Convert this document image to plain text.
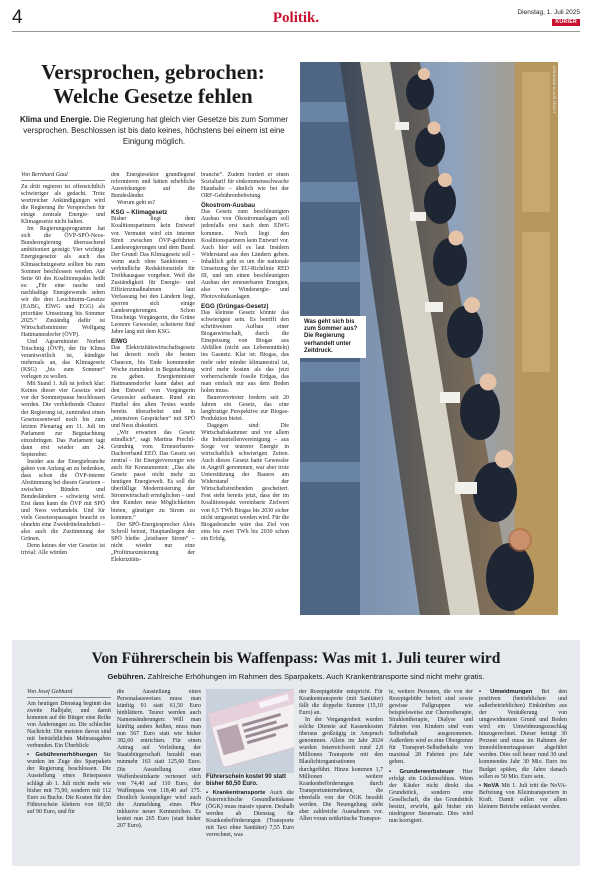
4	Politik.	Dienstag, 1. Juli 2025
KURIER
Versprochen, gebrochen:
Welche Gesetze fehlen
Klima und Energie. Die Regierung hat gleich vier Gesetze bis zum Sommer versprochen. Beschlossen ist bis dato keines, höchstens bei einem ist eine Einigung möglich.
Von Bernhard Gaul

Zu dritt regieren ist offensichtlich schwieriger als gedacht. Trotz wortreicher Ankündigungen wird die Regierung ihr Versprechen für einige zentrale Energie- und Klimagesetze nicht halten.

Im Regierungsprogramm hat sich die ÖVP-SPÖ-Neos-Bundesregierung überraschend ambitioniert gezeigt: Vier wichtige Energiegesetze als auch das Klimaschutzgesetz sollten bis zum Sommer beschlossen werden. Auf Seite 60 des Koalitionspakts heißt es: „Für eine rasche und nachhaltige Energiewende sehen wir die drei Leuchtturm-Gesetze (EABG, ElWG und EGG) als prioritäre Umsetzung bis Sommer 2025.“ Zuständig dafür ist Wirtschaftsminister Wolfgang Hattmannsdorfer (ÖVP).

Und Agrarminister Norbert Totschnig (ÖVP), der für Klima verantwortlich ist, kündigte mehrmals an, das Klimagesetz (KSG) „bis zum Sommer“ vorlegen zu wollen.

Mit Stand 1. Juli ist jedoch klar: Keines dieser vier Gesetze wird vor der Sommerpause beschlossen werden. Die verbleibende Chance der Regierung ist, zumindest einen Gesetzesentwurf noch bis zum letzten Plenartag am 11. Juli im Parlament zur Begutachtung einzubringen. Das Parlament tagt dann erst wieder am 24. September.

Insider aus der Energiebranche gaben von Anfang an zu bedenken, dass schon die ÖVP-interne Abstimmung bei diesen Gesetzen – zwischen Bünden und Bundesländern – schwierig wird. Erst dann kann die ÖVP mit SPÖ und Neos verhandeln. Und für viele Gesetzespassagen braucht es ohnehin eine Zweidrittelmehrheit – also auch die Zustimmung der Grünen.

Denn keines der vier Gesetze ist trivial: Alle würden

den Energiesektor grundlegend reformieren und hätten erhebliche Auswirkungen auf die Bundesländer.

Worum geht es?

KSG – Klimagesetz

Bisher liegt dem Koalitionspartnern kein Entwurf vor. Vermutet wird ein interner Streit zwischen ÖVP-geführten Landesregierungen und dem Bund. Der Grund: Das Klimagesetz soll – wenn auch ohne Sanktionen – verbindliche Reduktionsziele für Treibhausgase vorgeben. Weil die Zuständigkeit für Energie- und Effizienzmaßnahmen laut Verfassung bei den Ländern liegt, sperren sich einige Landesregierungen. Schon Totschnigs Vorgängerin, die Grüne Leonore Gewessler, scheiterte fünf Jahre lang mit dem KSG.

ElWG

Das Elektrizitätswirtschaftsgesetz hat derzeit noch die besten Chancen, bis Ende kommender Woche zumindest in Begutachtung zu gehen. Energieminister Hattmannsdorfer kann dabei auf den Entwurf von Vorgängerin Gewessler aufbauen. Rund ein Fünftel des alten Textes wurde bereits überarbeitet und in „intensiven Gesprächen“ mit SPÖ und Neos diskutiert.

„Wir erwarten das Gesetz stündlich“, sagt Martina Prechtl-Grundnig vom Erneuerbaren-Dachverband EEÖ. Das Gesetz sei zentral – für Energieversorger wie auch für Konsumenten: „Das alte Gesetz passt nicht mehr zu heutigen Energiewelt. Es soll die überfällige Modernisierung der Stromwirtschaft ermöglichen – und den Kunden neue Möglichkeiten bieten, günstiger zu Strom zu kommen.“

Der SPÖ-Energiesprecher Alois Schroll betont, Hauptanliegen der SPÖ bleibe „leistbarer Strom“ – nicht wieder nur eine „Profitmaximierung der Elektrizitäts-

branche“. Zudem fordert er einen Sozialtarif für einkommensschwache Haushalte – ähnlich wie bei der ORF-Gebührenbefreiung.

Ökostrom-Ausbau

Das Gesetz zum beschleunigten Ausbau von Ökostromanlagen soll jedenfalls erst nach dem ElWG kommen. Noch liegt den Koalitionspartnern kein Entwurf vor. Auch hier soll es laut Insidern Widerstand aus den Ländern geben. Inhaltlich geht es um die nationale Umsetzung der EU-Richtlinie RED III, und um einen beschleunigten Ausbau der erneuerbaren Energien, also von Windenergie- und Photovoltaikanlagen.

EGG (Grüngas-Gesetz)

Das kleinste Gesetz könnte das schwierigste sein. Es betrifft den schrittweisen Aufbau einer Biogaswirtschaft, durch die Einspeisung von Biogas aus Abfällen (nicht aus Lebensmitteln) ins Gasnetz. Klar ist: Biogas, das mehr oder minder klimaneutral ist, wird mehr kosten als das jetzt vorherrschende fossile Erdgas, das man einfach nur aus dem Boden holen muss.

Bauernvertreter fordern seit 20 Jahren ein Gesetz, das eine langfristige Perspektive zur Biogas-Produktion bietet.

Dagegen sind: Die Wirtschaftskammer und vor allem die Industriellenvereinigung – aus Sorge vor teurerer Energie in wirtschaftlich schwierigen Zeiten. Auch dieses Gesetz hatte Gewessler in Angriff genommen, war aber trotz Unterstützung der Bauern am Widerstand der Wirtschaftstreibenden gescheitert. Fest steht bereits jetzt, dass der im Koalitionspakt vereinbarte Zielwert von 6,5 TWh Biogas bis 2030 sicher nicht umgesetzt werden wird. Für die Biogasbranche wäre das Ziel von eins bis zwei TWh bis 2030 schon ein Erfolg.

APA/HANS KLAUS TECHT
Was geht sich bis zum Sommer aus? Die Regierung verhandelt unter Zeitdruck.
Von Führerschein bis Waffenpass: Was mit 1. Juli teurer wird
Gebühren. Zahlreiche Erhöhungen im Rahmen des Sparpakets. Auch Krankentransporte sind nicht mehr gratis.
Von Josef Gebhard

Am heutigen Dienstag beginnt das zweite Halbjahr, und damit kommen auf die Bürger eine Reihe von Änderungen zu. Die schlechte Nachricht: Die meisten davon sind mit beträchtlichen Mehrausgaben verbunden. Ein Überblick:

• Gebührenerhöhungen Sie wurden im Zuge des Sparpakets der Regierung beschlossen. Die Ausstellung eines Reisepasses schlägt ab 1. Juli nicht mehr wie bisher mit 75,90, sondern mit 112 Euro zu Buche. Die Kosten für den Führerschein klettern von 60,50 auf 90 Euro, und für

die Ausstellung eines Personalausweises muss man künftig 91 statt 61,50 Euro hinblättern. Teurer werden auch Namensänderungen: Will man künftig anders heißen, muss man nun 567 Euro statt wie bisher 382,60 entrichten. Für einen Antrag auf Verleihung der Staatsbürgerschaft bezahlt man nunmehr 163 statt 125,60 Euro. Die Ausstellung einer Waffenbesitzkarte verteuert sich von 74,40 auf 110 Euro, der Waffenpass von 118,40 auf 175. Deutlich kostspieliger wird auch die Anmeldung eines Pkw inklusive neuer Kennzeichen. Es kostet nun 265 Euro (statt bisher 207 Euro).

Führerschein kostet 90 statt bisher 60,50 Euro.

• Krankentransporte Auch die Österreichische Gesundheitskasse (ÖGK) muss massiv sparen. Deshalb werden ab Dienstag für Krankenbeförderungen (Transporte mit Taxi ohne Sanitäter) 7,55 Euro verrechnet, was

der Rezeptgebühr entspricht. Für Krankentransporte (mit Sanitäter) fällt die doppelte Summe (15,10 Euro) an.

In der Vergangenheit wurden solche Dienste auf Kassenkosten überaus großzügig in Anspruch genommen. Allein im Jahr 2024 wurden österreichweit rund 2,8 Millionen Transporte mit den Blaulichtorganisationen durchgeführt. Hinzu kommen 1,7 Millionen weitere Krankenbeförderungen durch Transportunternehmen, die ebenfalls von der ÖGK bezahlt werden. Die Neuregelung sieht aber zahlreiche Ausnahmen vor. Allen voran zeitkritische Transpor-

te, weiters Personen, die von der Rezeptgebühr befreit sind sowie gewisse Fallgruppen wie beispielsweise zur Chemotherapie, Strahlentherapie, Dialyse und Fahrten von Kindern sind vom Selbstbehalt ausgenommen. Außerdem wird es eine Obergrenze für Transport-Selbstbehalte von maximal 28 Fahrten pro Jahr geben.

• Grunderwerbsteuer Hier erfolgt ein Lückenschluss. Wenn der Käufer nicht direkt das Grundstück, sondern eine Gesellschaft, die das Grundstück besitzt, erwirbt, galt bisher ein niedrigerer Steuersatz. Dies wird nun korrigiert.

• Umwidmungen Bei den positiven (betrieblichen und außerbetrieblichen) Einkünften aus der Veräußerung von umgewidmetem Grund und Boden wird ein Umwidmungszuschlag hinzugerechnet. Dieser beträgt 30 Prozent und muss im Rahmen der Immobilienertragsteuer abgeführt werden. Dies soll heuer rund 30 und kommendes Jahr 30 Mio. Euro ins Budget spülen, die Jahre danach sollen es 50 Mio. Euro sein.

• NoVA Mit 1. Juli tritt die NoVA-Befreiung von Kleintransportern in Kraft. Damit sollen vor allem kleinere Betriebe entlastet werden.
